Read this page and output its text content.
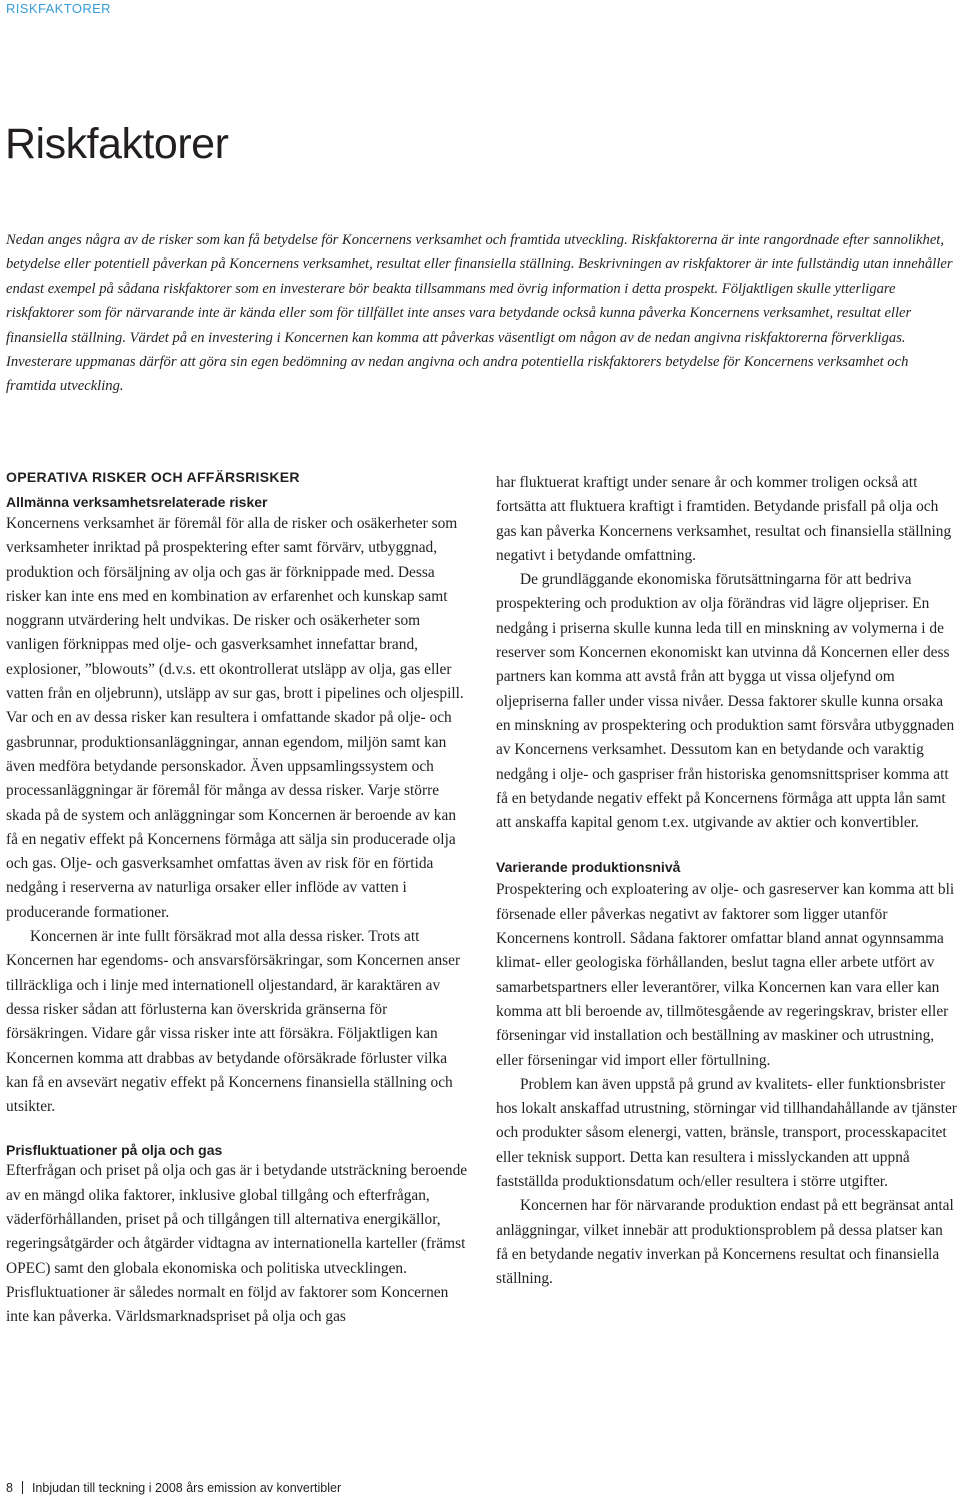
RISKFAKTORER
Riskfaktorer

Nedan anges några av de risker som kan få betydelse för Koncernens verksamhet och framtida utveckling. Riskfaktorerna är inte rangordnade efter sannolikhet, betydelse eller potentiell påverkan på Koncernens verksamhet, resultat eller finansiella ställning. Beskrivningen av riskfaktorer är inte fullständig utan innehåller endast exempel på sådana riskfaktorer som en investerare bör beakta tillsammans med övrig information i detta prospekt. Följaktligen skulle ytterligare riskfaktorer som för närvarande inte är kända eller som för tillfället inte anses vara betydande också kunna påverka Koncernens verksamhet, resultat eller finansiella ställning. Värdet på en investering i Koncernen kan komma att påverkas väsentligt om någon av de nedan angivna riskfaktorerna förverkligas. Investerare uppmanas därför att göra sin egen bedömning av nedan angivna och andra potentiella riskfaktorers betydelse för Koncernens verksamhet och framtida utveckling.

OPERATIVA RISKER OCH AFFÄRSRISKER
Allmänna verksamhetsrelaterade risker

Koncernens verksamhet är föremål för alla de risker och osäkerheter som verksamheter inriktad på prospektering efter samt förvärv, utbyggnad, produktion och försäljning av olja och gas är förknippade med. Dessa risker kan inte ens med en kombination av erfarenhet och kunskap samt noggrann utvärdering helt undvikas. De risker och osäkerheter som vanligen förknippas med olje- och gasverksamhet innefattar brand, explosioner, ”blowouts” (d.v.s. ett okontrollerat utsläpp av olja, gas eller vatten från en oljebrunn), utsläpp av sur gas, brott i pipelines och oljespill. Var och en av dessa risker kan resultera i omfattande skador på olje- och gasbrunnar, produktionsanläggningar, annan egendom, miljön samt kan även medföra betydande personskador. Även uppsamlingssystem och processanläggningar är föremål för många av dessa risker. Varje större skada på de system och anläggningar som Koncernen är beroende av kan få en negativ effekt på Koncernens förmåga att sälja sin producerade olja och gas. Olje- och gasverksamhet omfattas även av risk för en förtida nedgång i reserverna av naturliga orsaker eller inflöde av vatten i producerande formationer.

Koncernen är inte fullt försäkrad mot alla dessa risker. Trots att Koncernen har egendoms- och ansvarsförsäkringar, som Koncernen anser tillräckliga och i linje med internationell oljestandard, är karaktären av dessa risker sådan att förlusterna kan överskrida gränserna för försäkringen. Vidare går vissa risker inte att försäkra. Följaktligen kan Koncernen komma att drabbas av betydande oförsäkrade förluster vilka kan få en avsevärt negativ effekt på Koncernens finansiella ställning och utsikter.

Prisfluktuationer på olja och gas

Efterfrågan och priset på olja och gas är i betydande utsträckning beroende av en mängd olika faktorer, inklusive global tillgång och efterfrågan, väderförhållanden, priset på och tillgången till alternativa energikällor, regeringsåtgärder och åtgärder vidtagna av internationella karteller (främst OPEC) samt den globala ekonomiska och politiska utvecklingen. Prisfluktuationer är således normalt en följd av faktorer som Koncernen inte kan påverka. Världsmarknadspriset på olja och gas

har fluktuerat kraftigt under senare år och kommer troligen också att fortsätta att fluktuera kraftigt i framtiden. Betydande prisfall på olja och gas kan påverka Koncernens verksamhet, resultat och finansiella ställning negativt i betydande omfattning.

De grundläggande ekonomiska förutsättningarna för att bedriva prospektering och produktion av olja förändras vid lägre oljepriser. En nedgång i priserna skulle kunna leda till en minskning av volymerna i de reserver som Koncernen ekonomiskt kan utvinna då Koncernen eller dess partners kan komma att avstå från att bygga ut vissa oljefynd om oljepriserna faller under vissa nivåer. Dessa faktorer skulle kunna orsaka en minskning av prospektering och produktion samt försvåra utbyggnaden av Koncernens verksamhet. Dessutom kan en betydande och varaktig nedgång i olje- och gaspriser från historiska genomsnittspriser komma att få en betydande negativ effekt på Koncernens förmåga att uppta lån samt att anskaffa kapital genom t.ex. utgivande av aktier och konvertibler.

Varierande produktionsnivå

Prospektering och exploatering av olje- och gasreserver kan komma att bli försenade eller påverkas negativt av faktorer som ligger utanför Koncernens kontroll. Sådana faktorer omfattar bland annat ogynnsamma klimat- eller geologiska förhållanden, beslut tagna eller arbete utfört av samarbetspartners eller leverantörer, vilka Koncernen kan vara eller kan komma att bli beroende av, tillmötesgående av regeringskrav, brister eller förseningar vid installation och beställning av maskiner och utrustning, eller förseningar vid import eller förtullning.

Problem kan även uppstå på grund av kvalitets- eller funktionsbrister hos lokalt anskaffad utrustning, störningar vid tillhandahållande av tjänster och produkter såsom elenergi, vatten, bränsle, transport, processkapacitet eller teknisk support. Detta kan resultera i misslyckanden att uppnå fastställda produktionsdatum och/eller resultera i större utgifter.

Koncernen har för närvarande produktion endast på ett begränsat antal anläggningar, vilket innebär att produktionsproblem på dessa platser kan få en betydande negativ inverkan på Koncernens resultat och finansiella ställning.

8 Inbjudan till teckning i 2008 års emission av konvertibler
